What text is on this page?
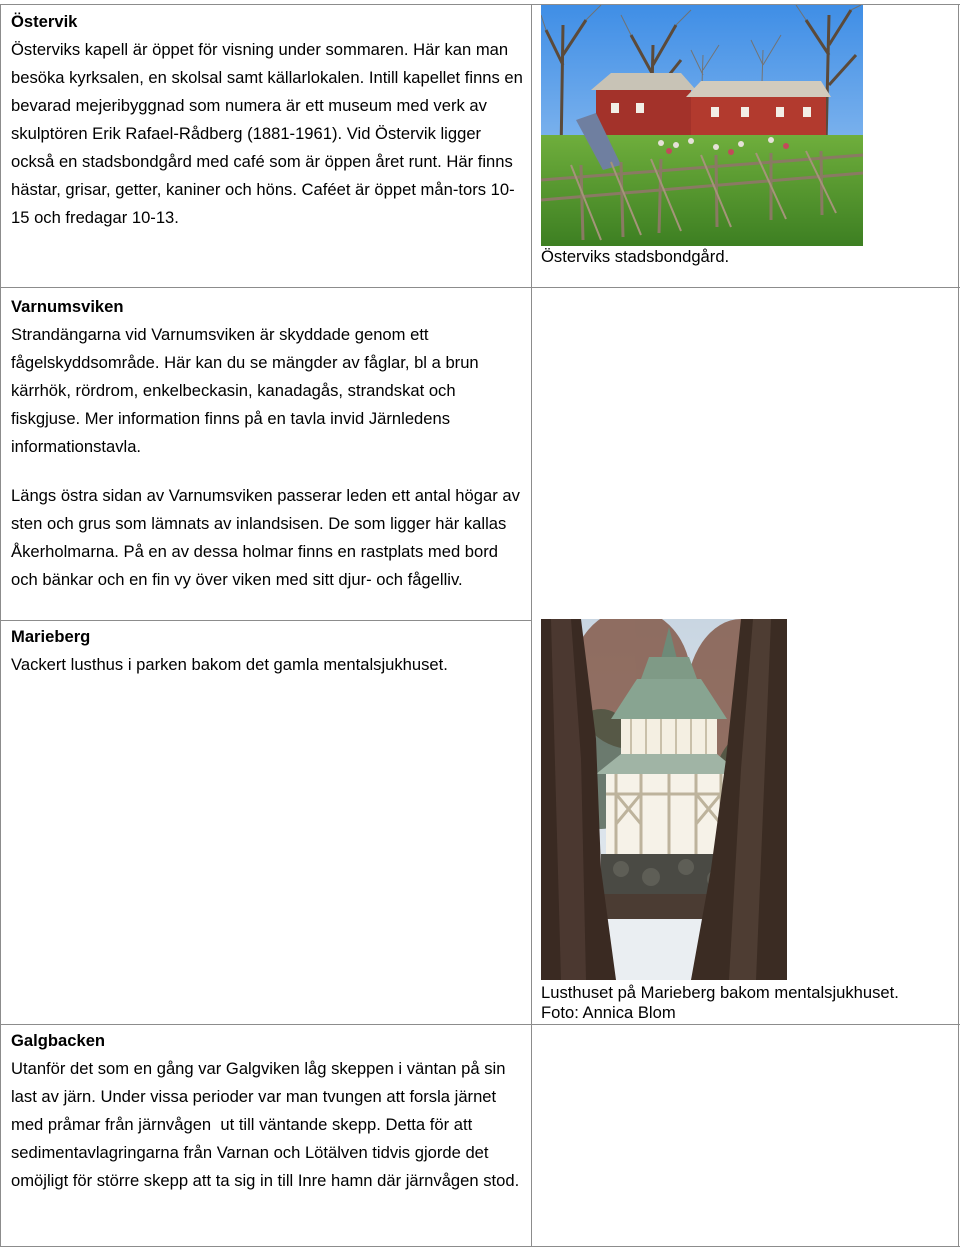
Östervik

Österviks kapell är öppet för visning under sommaren. Här kan man besöka kyrksalen, en skolsal samt källarlokalen. Intill kapellet finns en bevarad mejeribyggnad som numera är ett museum med verk av skulptören Erik Rafael-Rådberg (1881-1961). Vid Östervik ligger också en stadsbondgård med café som är öppen året runt. Här finns hästar, grisar, getter, kaniner och höns. Caféet är öppet mån-tors 10-15 och fredagar 10-13.

Österviks stadsbondgård.

Varnumsviken

Strandängarna vid Varnumsviken är skyddade genom ett fågelskyddsområde. Här kan du se mängder av fåglar, bl a brun kärrhök, rördrom, enkelbeckasin, kanadagås, strandskat och fiskgjuse. Mer information finns på en tavla invid Järnledens informationstavla.

Längs östra sidan av Varnumsviken passerar leden ett antal högar av sten och grus som lämnats av inlandsisen. De som ligger här kallas Åkerholmarna. På en av dessa holmar finns en rastplats med bord och bänkar och en fin vy över viken med sitt djur- och fågelliv.

Marieberg

Vackert lusthus i parken bakom det gamla mentalsjukhuset.

Lusthuset på Marieberg bakom mentalsjukhuset.
Foto: Annica Blom

Galgbacken

Utanför det som en gång var Galgviken låg skeppen i väntan på sin last av järn. Under vissa perioder var man tvungen att forsla järnet med pråmar från järnvågen  ut till väntande skepp. Detta för att sedimentavlagringarna från Varnan och Lötälven tidvis gjorde det omöjligt för större skepp att ta sig in till Inre hamn där järnvågen stod.
